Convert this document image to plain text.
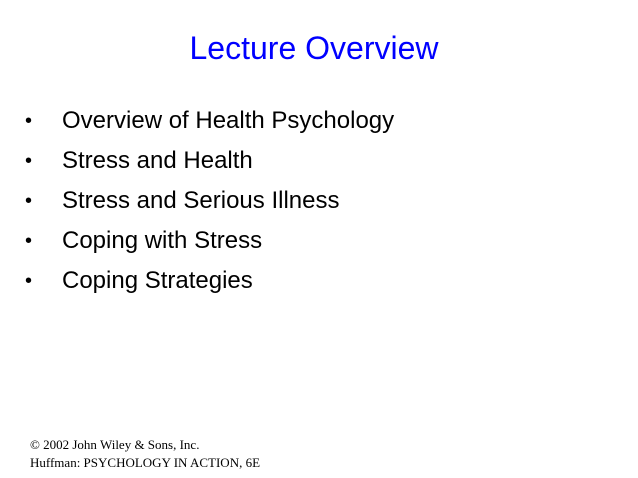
Lecture Overview
• Overview of Health Psychology
• Stress and Health
• Stress and Serious Illness
• Coping with Stress
• Coping Strategies
© 2002 John Wiley & Sons, Inc.
Huffman: PSYCHOLOGY IN ACTION, 6E
